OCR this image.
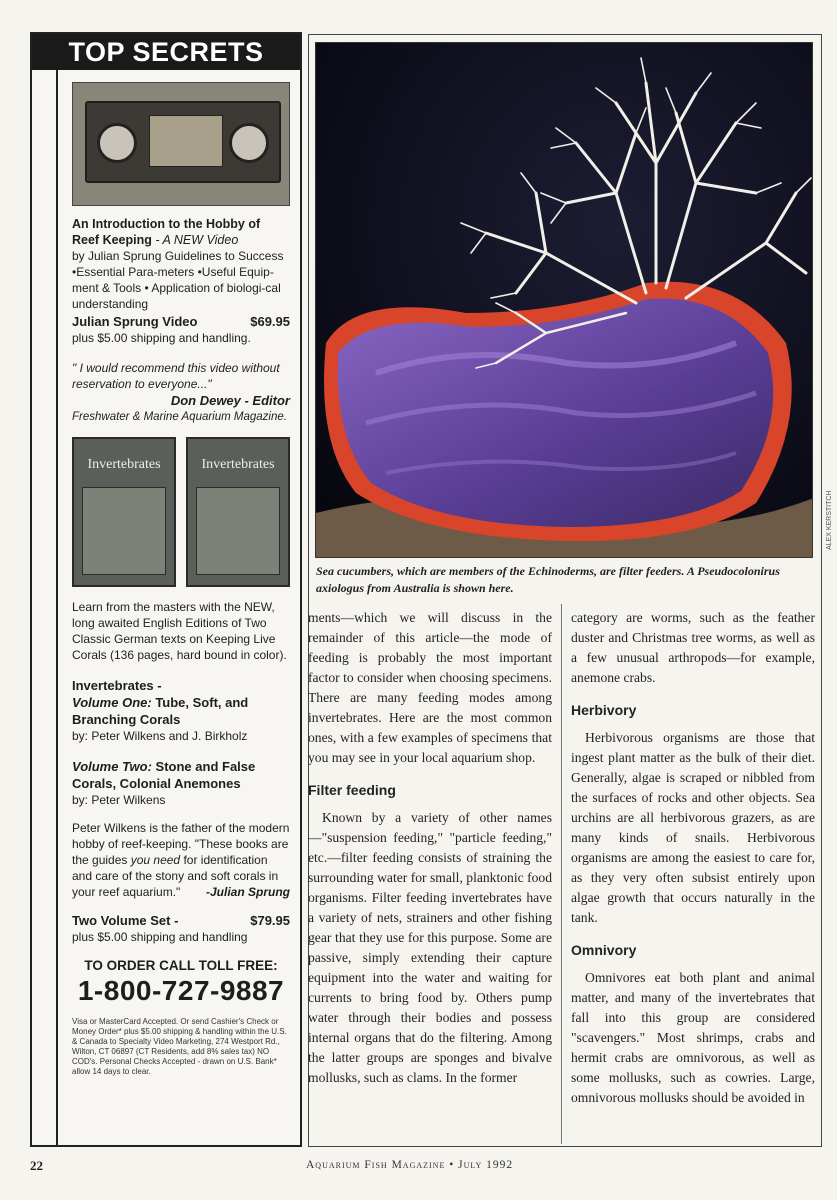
TOP SECRETS
An Introduction to the Hobby of Reef Keeping - A NEW Video
by Julian Sprung Guidelines to Success •Essential Para-meters •Useful Equip-ment & Tools • Application of biologi-cal understanding
Julian Sprung Video	$69.95
plus $5.00 shipping and handling.
" I would recommend this video without reservation to everyone..."
Don Dewey - Editor
Freshwater & Marine Aquarium Magazine.
Invertebrates	Invertebrates
Learn from the masters with the NEW, long awaited English Editions of Two Classic German texts on Keeping Live Corals (136 pages, hard bound in color).
Invertebrates -
Volume One: Tube, Soft, and Branching Corals
by: Peter Wilkens and J. Birkholz
Volume Two: Stone and False Corals, Colonial Anemones
by: Peter Wilkens
Peter Wilkens is the father of the modern hobby of reef-keeping. "These books are the guides you need for identification and care of the stony and soft corals in your reef aquarium." -Julian Sprung
Two Volume Set -	$79.95
plus $5.00 shipping and handling
TO ORDER CALL TOLL FREE:
1-800-727-9887
Visa or MasterCard Accepted. Or send Cashier's Check or Money Order* plus $5.00 shipping & handling within the U.S. & Canada to Specialty Video Marketing, 274 Westport Rd., Wilton, CT 06897 (CT Residents, add 8% sales tax) NO COD's. Personal Checks Accepted - drawn on U.S. Bank* allow 14 days to clear.
Sea cucumbers, which are members of the Echinoderms, are filter feeders. A Pseudocolonirus axiologus from Australia is shown here.
ALEX KERSTITCH

ments—which we will discuss in the remainder of this article—the mode of feeding is probably the most important factor to consider when choosing specimens. There are many feeding modes among invertebrates. Here are the most common ones, with a few examples of specimens that you may see in your local aquarium shop.

Filter feeding

Known by a variety of other names—"suspension feeding," "particle feeding," etc.—filter feeding consists of straining the surrounding water for small, planktonic food organisms. Filter feeding invertebrates have a variety of nets, strainers and other fishing gear that they use for this purpose. Some are passive, simply extending their capture equipment into the water and waiting for currents to bring food by. Others pump water through their bodies and possess internal organs that do the filtering. Among the latter groups are sponges and bivalve mollusks, such as clams. In the former

category are worms, such as the feather duster and Christmas tree worms, as well as a few unusual arthropods—for example, anemone crabs.

Herbivory

Herbivorous organisms are those that ingest plant matter as the bulk of their diet. Generally, algae is scraped or nibbled from the surfaces of rocks and other objects. Sea urchins are all herbivorous grazers, as are many kinds of snails. Herbivorous organisms are among the easiest to care for, as they very often subsist entirely upon algae growth that occurs naturally in the tank.

Omnivory

Omnivores eat both plant and animal matter, and many of the invertebrates that fall into this group are considered "scavengers." Most shrimps, crabs and hermit crabs are omnivorous, as well as some mollusks, such as cowries. Large, omnivorous mollusks should be avoided in

22	Aquarium Fish Magazine • July 1992
